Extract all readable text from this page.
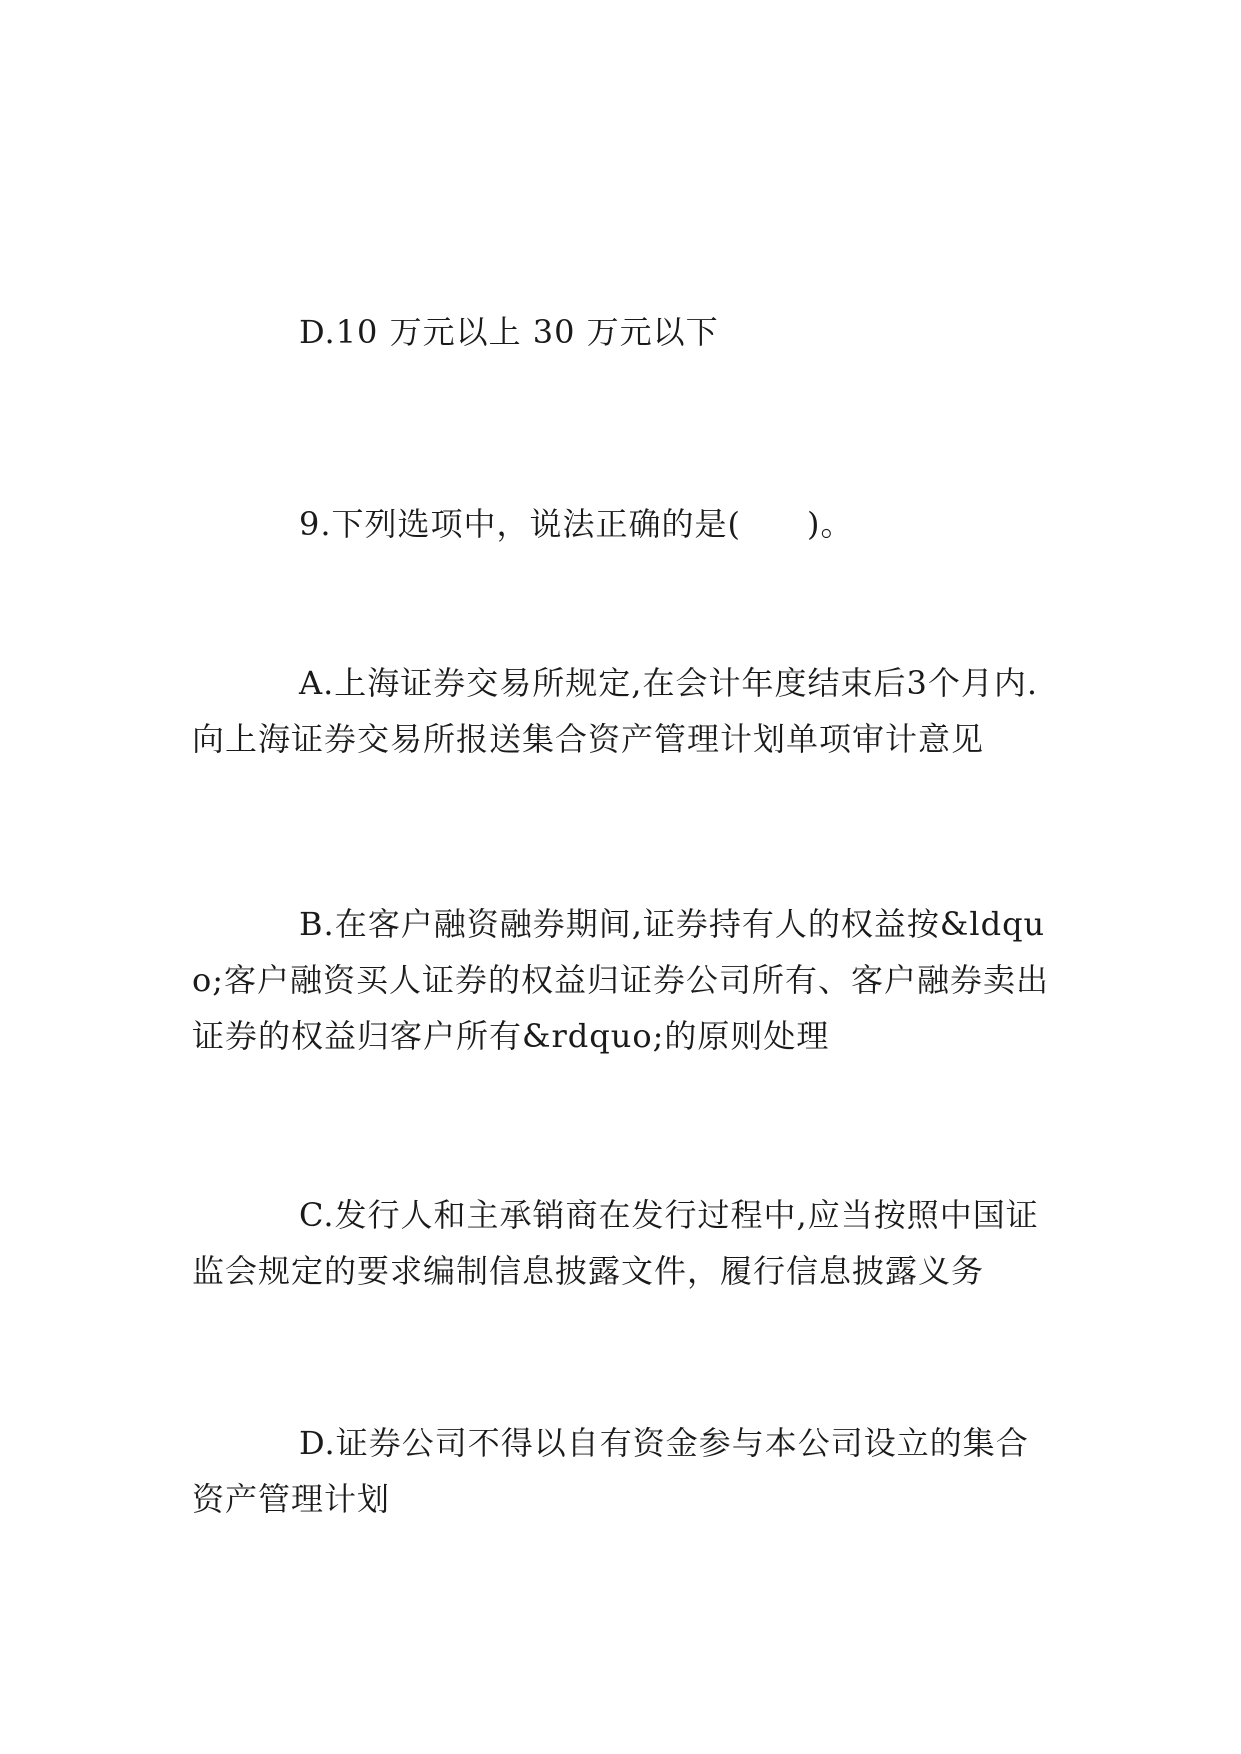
D.10 万元以上 30 万元以下

9.下列选项中，说法正确的是(　　)。

A.上海证券交易所规定,在会计年度结束后3个月内.向上海证券交易所报送集合资产管理计划单项审计意见

B.在客户融资融券期间,证券持有人的权益按&ldquo;客户融资买人证券的权益归证券公司所有、客户融券卖出证券的权益归客户所有&rdquo;的原则处理

C.发行人和主承销商在发行过程中,应当按照中国证监会规定的要求编制信息披露文件，履行信息披露义务

D.证券公司不得以自有资金参与本公司设立的集合资产管理计划
